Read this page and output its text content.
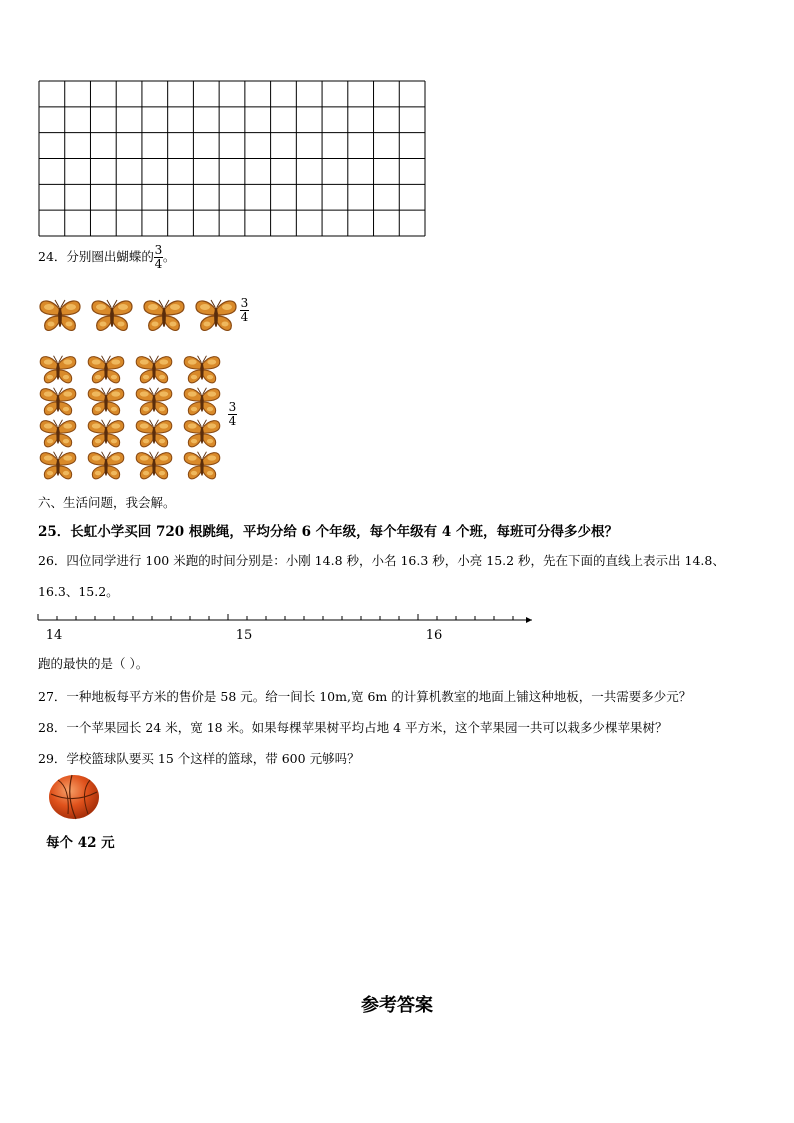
24．分别圈出蝴蝶的 $\frac{3}{4}$ 。
3
4
3
4
六、生活问题，我会解。
25．长虹小学买回 720 根跳绳，平均分给 6 个年级，每个年级有 4 个班，每班可分得多少根？
26．四位同学进行 100 米跑的时间分别是：小刚 14.8 秒，小名 16.3 秒，小亮 15.2 秒，先在下面的直线上表示出 14.8、
16.3、15.2。
14	15	16
跑的最快的是（ ）。
27．一种地板每平方米的售价是 58 元。给一间长 10m,宽 6m 的计算机教室的地面上铺这种地板，一共需要多少元？
28．一个苹果园长 24 米，宽 18 米。如果每棵苹果树平均占地 4 平方米，这个苹果园一共可以栽多少棵苹果树？
29．学校篮球队要买 15 个这样的篮球，带 600 元够吗？
每个 42 元
参考答案
